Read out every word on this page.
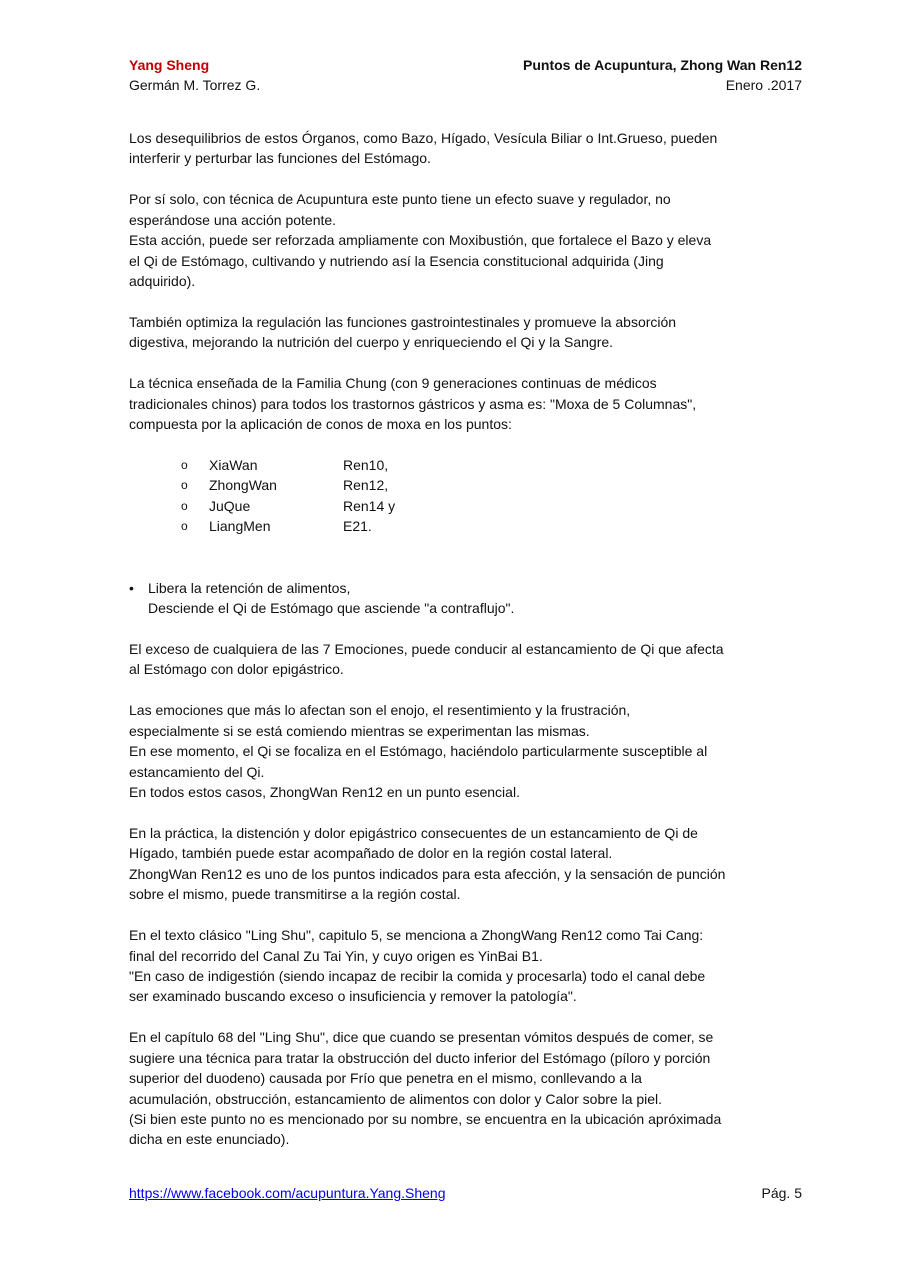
Yang Sheng	Puntos de Acupuntura, Zhong Wan Ren12
Germán M. Torrez G.	Enero .2017
Los desequilibrios de estos Órganos, como Bazo, Hígado, Vesícula Biliar o Int.Grueso, pueden
interferir y perturbar las funciones del Estómago.
Por sí solo, con técnica de Acupuntura este punto tiene un efecto suave y regulador, no
esperándose una acción potente.
Esta acción, puede ser reforzada ampliamente con Moxibustión, que fortalece el Bazo y eleva
el Qi de Estómago, cultivando y nutriendo así la Esencia constitucional adquirida (Jing
adquirido).
También optimiza la regulación las funciones gastrointestinales y promueve la absorción
digestiva, mejorando la nutrición del cuerpo y enriqueciendo el Qi y la Sangre.
La técnica enseñada de la Familia Chung (con 9 generaciones continuas de médicos
tradicionales chinos) para todos los trastornos gástricos y asma es: "Moxa de 5 Columnas",
compuesta por la aplicación de conos de moxa en los puntos:
o	XiaWan	Ren10,
o	ZhongWan	Ren12,
o	JuQue	Ren14 y
o	LiangMen	E21.
• Libera la retención de alimentos,
Desciende el Qi de Estómago que asciende "a contraflujo".
El exceso de cualquiera de las 7 Emociones, puede conducir al estancamiento de Qi que afecta
al Estómago con dolor epigástrico.
Las emociones que más lo afectan son el enojo, el resentimiento y la frustración,
especialmente si se está comiendo mientras se experimentan las mismas.
En ese momento, el Qi se focaliza en el Estómago, haciéndolo particularmente susceptible al
estancamiento del Qi.
En todos estos casos, ZhongWan Ren12 en un punto esencial.
En la práctica, la distención y dolor epigástrico consecuentes de un estancamiento de Qi de
Hígado, también puede estar acompañado de dolor en la región costal lateral.
ZhongWan Ren12 es uno de los puntos indicados para esta afección, y la sensación de punción
sobre el mismo, puede transmitirse a la región costal.
En el texto clásico "Ling Shu", capitulo 5, se menciona a ZhongWang Ren12 como Tai Cang:
final del recorrido del Canal Zu Tai Yin, y cuyo origen es YinBai B1.
"En caso de indigestión (siendo incapaz de recibir la comida y procesarla) todo el canal debe
ser examinado buscando exceso o insuficiencia y remover la patología".
En el capítulo 68 del "Ling Shu", dice que cuando se presentan vómitos después de comer, se
sugiere una técnica para tratar la obstrucción del ducto inferior del Estómago (píloro y porción
superior del duodeno) causada por Frío que penetra en el mismo, conllevando a la
acumulación, obstrucción, estancamiento de alimentos con dolor y Calor sobre la piel.
(Si bien este punto no es mencionado por su nombre, se encuentra en la ubicación apróximada
dicha en este enunciado).
https://www.facebook.com/acupuntura.Yang.Sheng	Pág. 5
